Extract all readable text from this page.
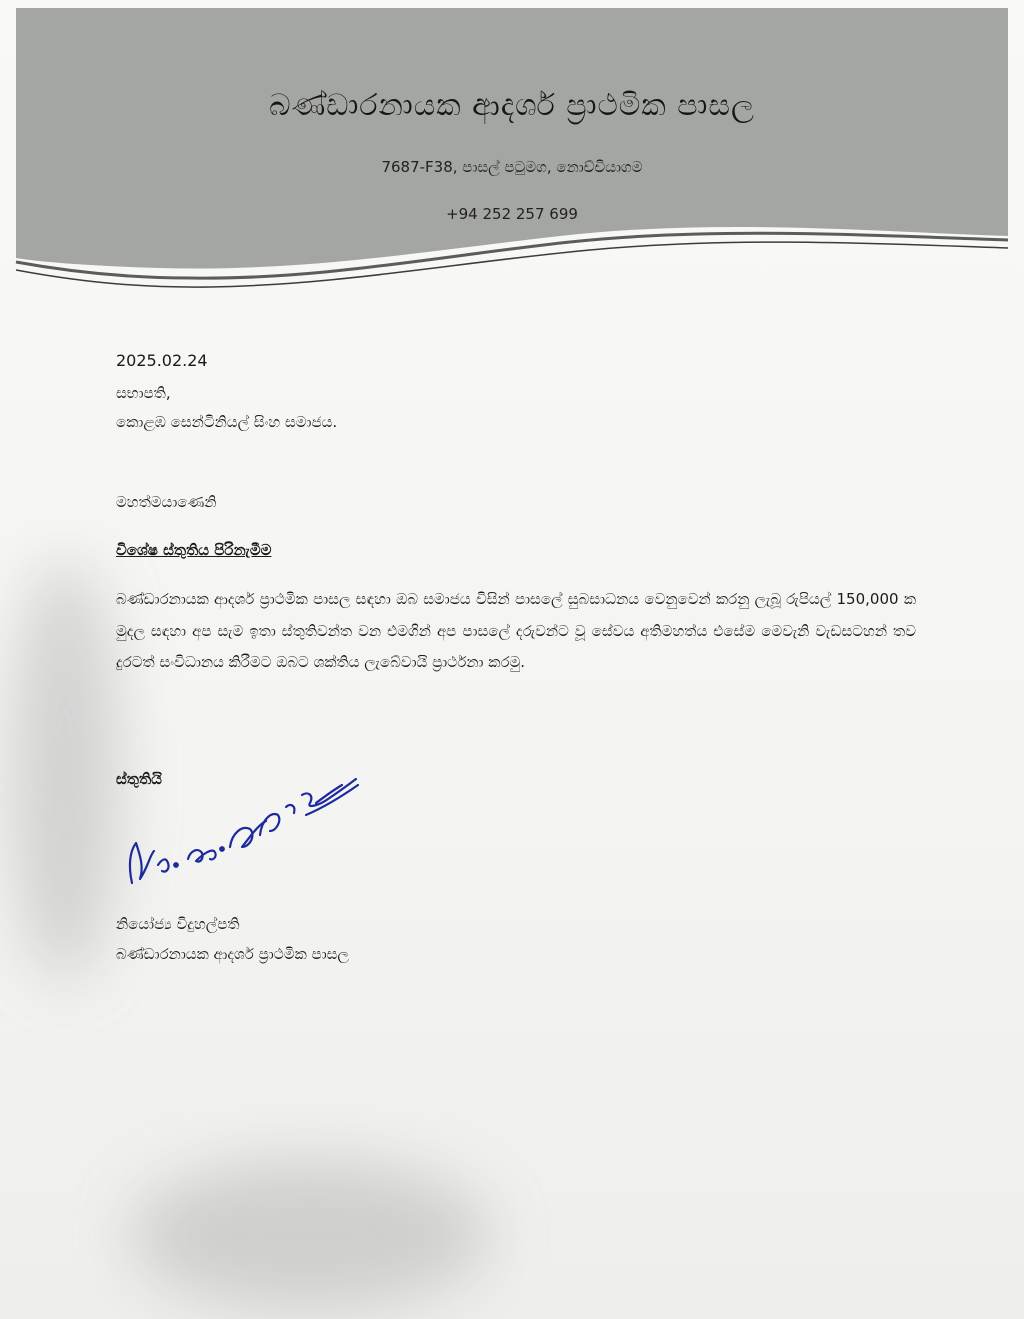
බණ්ඩාරනායක ආදර්ශ ප්‍රාථමික පාසල
7687-F38, පාසල් පටුමග, නොච්චියාගම
+94 252 257 699
2025.02.24
සභාපති,
කොළඹ සෙන්ටිනියල් සිංහ සමාජය.
මහත්මයාණෙනි
විශේෂ ස්තුතිය පිරිනැමීම
බණ්ඩාරනායක ආදර්ශ ප්‍රාථමික පාසල සඳහා ඔබ සමාජය විසින් පාසලේ සුබසාධනය වෙනුවෙන් කරනු ලැබූ රුපියල් 150,000 ක මුදල සඳහා අප සැම ඉතා ස්තුතිවන්ත වන එමගින් අප පාසලේ දරුවන්ට වූ සේවය අතිමහත්ය එසේම මෙවැනි වැඩසටහන් තව දුරටත් සංවිධානය කිරීමට ඔබට ශක්තිය ලැබේවායි ප්‍රාර්ථනා කරමු.
ස්තුතියි
නියෝජ්‍ය විදුහල්පති
බණ්ඩාරනායක ආදර්ශ ප්‍රාථමික පාසල
